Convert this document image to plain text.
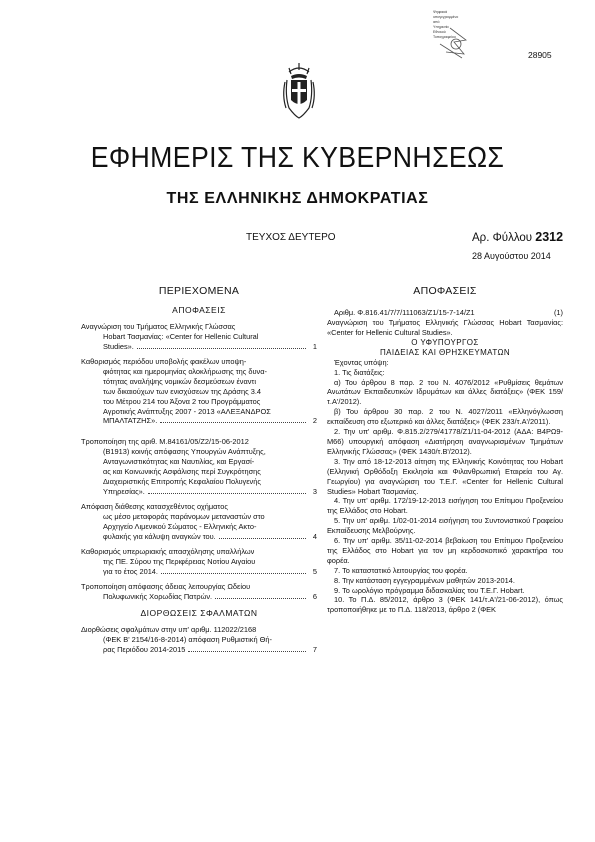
Ψηφιακά
υπογεγραμμένο
από
Υπηρεσία
Εθνικού
Τυπογραφείου
28905
ΕΦΗΜΕΡΙΣ ΤΗΣ ΚΥΒΕΡΝΗΣΕΩΣ
ΤΗΣ ΕΛΛΗΝΙΚΗΣ ΔΗΜΟΚΡΑΤΙΑΣ
ΤΕΥΧΟΣ ΔΕΥΤΕΡΟ	Αρ. Φύλλου 2312
28 Αυγούστου 2014
ΠΕΡΙΕΧΟΜΕΝΑ
ΑΠΟΦΑΣΕΙΣ
Αναγνώριση του Τμήματος Ελληνικής Γλώσσας
Hobart Τασμανίας: «Center for Hellenic Cultural
Studies».	1
Καθορισμός περιόδου υποβολής φακέλων υποψη-
φιότητας και ημερομηνίας ολοκλήρωσης της δυνα-
τότητας αναλήψης νομικών δεσμεύσεων έναντι
των δικαιούχων των ενισχύσεων της Δράσης 3.4
του Μέτρου 214 του Άξονα 2 του Προγράμματος
Αγροτικής Ανάπτυξης 2007 - 2013 «ΑΛΕΞΑΝΔΡΟΣ
ΜΠΑΛΤΑΤΖΗΣ».	2
Τροποποίηση της αριθ. Μ.84161/05/Ζ2/15-06-2012
(Β1913) κοινής απόφασης Υπουργών Ανάπτυξης,
Ανταγωνιστικότητας και Ναυτιλίας, και Εργασί-
ας και Κοινωνικής Ασφάλισης περί Συγκρότησης
Διαχειριστικής Επιτροπής Κεφαλαίου Πολυγενής
Υπηρεσίας».	3
Απόφαση διάθεσης κατασχεθέντος οχήματος
ως μέσο μεταφοράς παράνομων μεταναστών στο
Αρχηγείο Λιμενικού Σώματος - Ελληνικής Ακτο-
φυλακής για κάλυψη αναγκών του.	4
Καθορισμός υπερωριακής απασχόλησης υπαλλήλων
της ΠΕ. Σύρου της Περιφέρειας Νοτίου Αιγαίου
για το έτος 2014.	5
Τροποποίηση απόφασης άδειας λειτουργίας Ωδείου
Πολυφωνικής Χορωδίας Πατρών.	6
ΔΙΟΡΘΩΣΕΙΣ ΣΦΑΛΜΑΤΩΝ
Διορθώσεις σφαλμάτων στην υπ' αριθμ. 112022/2168
(ΦΕΚ Β' 2154/16-8-2014) απόφαση Ρυθμιστική Θή-
ρας Περιόδου 2014-2015	7
ΑΠΟΦΑΣΕΙΣ

Αριθμ. Φ.816.41/7/7/111063/Ζ1/15-7-14/Ζ1	(1)

Αναγνώριση του Τμήματος Ελληνικής Γλώσσας Hobart Τασμανίας: «Center for Hellenic Cultural Studies».

Ο ΥΦΥΠΟΥΡΓΟΣ
ΠΑΙΔΕΙΑΣ ΚΑΙ ΘΡΗΣΚΕΥΜΑΤΩΝ

Έχοντας υπόψη:

1. Τις διατάξεις:

α) Του άρθρου 8 παρ. 2 του Ν. 4076/2012 «Ρυθμίσεις θεμάτων Ανωτάτων Εκπαιδευτικών Ιδρυμάτων και άλλες διατάξεις» (ΦΕΚ 159/τ.Α'/2012).

β) Του άρθρου 30 παρ. 2 του Ν. 4027/2011 «Ελληνόγλωσση εκπαίδευση στο εξωτερικό και άλλες διατάξεις» (ΦΕΚ 233/τ.Α'/2011).

2. Την υπ' αριθμ. Φ.815.2/279/41778/Ζ1/11-04-2012 (ΑΔΑ: Β4ΡΩ9-Μ66) υπουργική απόφαση «Διατήρηση αναγνωρισμένων Τμημάτων Ελληνικής Γλώσσας» (ΦΕΚ 1430/τ.Β'/2012).

3. Την από 18-12-2013 αίτηση της Ελληνικής Κοινότητας του Hobart (Ελληνική Ορθόδοξη Εκκλησία και Φιλανθρωπική Εταιρεία του Αγ. Γεωργίου) για αναγνώριση του Τ.Ε.Γ. «Center for Hellenic Cultural Studies» Hobart Τασμανίας.

4. Την υπ' αριθμ. 172/19-12-2013 εισήγηση του Επίτιμου Προξενείου της Ελλάδος στο Hobart.

5. Την υπ' αριθμ. 1/02-01-2014 εισήγηση του Συντονιστικού Γραφείου Εκπαίδευσης Μελβούρνης.

6. Την υπ' αριθμ. 35/11-02-2014 βεβαίωση του Επίτιμου Προξενείου της Ελλάδος στο Hobart για τον μη κερδοσκοπικό χαρακτήρα του φορέα.

7. Το καταστατικό λειτουργίας του φορέα.

8. Την κατάσταση εγγεγραμμένων μαθητών 2013-2014.

9. Το ωρολόγιο πρόγραμμα διδασκαλίας του Τ.Ε.Γ. Hobart.

10. Το Π.Δ. 85/2012, άρθρο 3 (ΦΕΚ 141/τ.Α'/21-06-2012), όπως τροποποιήθηκε με το Π.Δ. 118/2013, άρθρο 2 (ΦΕΚ
